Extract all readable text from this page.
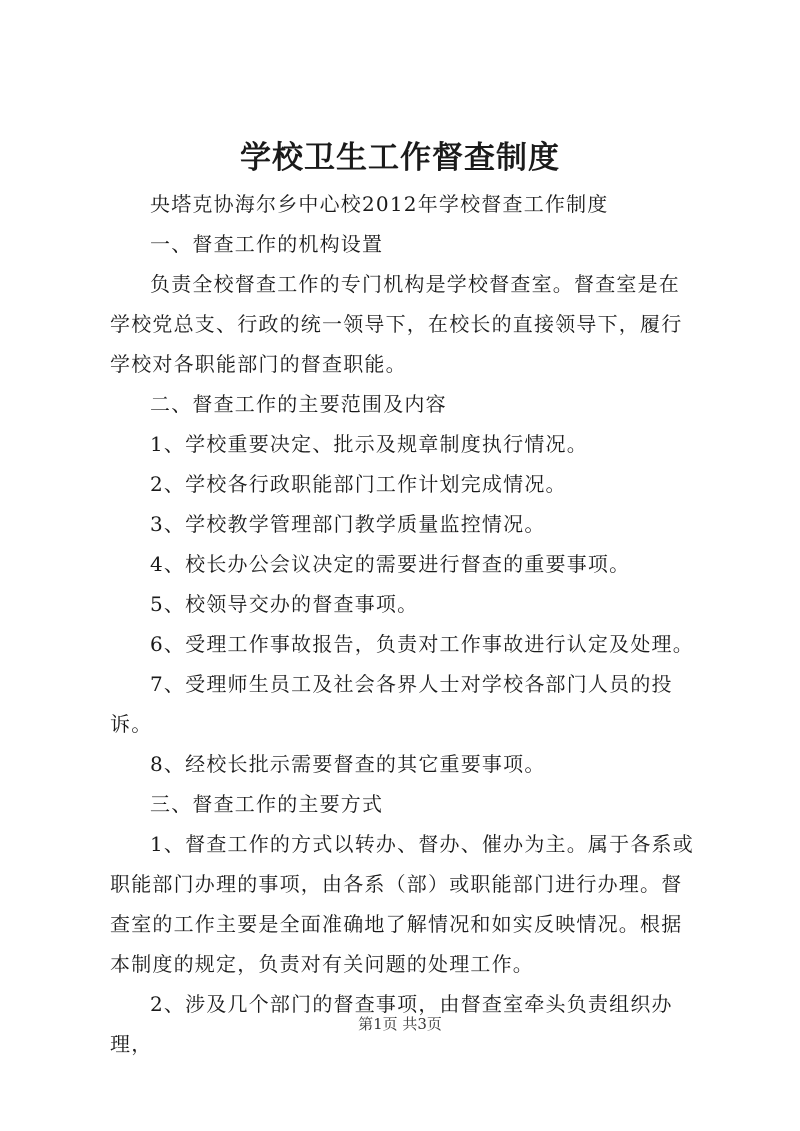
学校卫生工作督查制度

央塔克协海尔乡中心校2012年学校督查工作制度

一、督查工作的机构设置

负责全校督查工作的专门机构是学校督查室。督查室是在学校党总支、行政的统一领导下，在校长的直接领导下，履行学校对各职能部门的督查职能。

二、督查工作的主要范围及内容

1、学校重要决定、批示及规章制度执行情况。

2、学校各行政职能部门工作计划完成情况。

3、学校教学管理部门教学质量监控情况。

4、校长办公会议决定的需要进行督查的重要事项。

5、校领导交办的督查事项。

6、受理工作事故报告，负责对工作事故进行认定及处理。

7、受理师生员工及社会各界人士对学校各部门人员的投诉。

8、经校长批示需要督查的其它重要事项。

三、督查工作的主要方式

1、督查工作的方式以转办、督办、催办为主。属于各系或职能部门办理的事项，由各系（部）或职能部门进行办理。督查室的工作主要是全面准确地了解情况和如实反映情况。根据本制度的规定，负责对有关问题的处理工作。

2、涉及几个部门的督查事项，由督查室牵头负责组织办理，

第1页 共3页
